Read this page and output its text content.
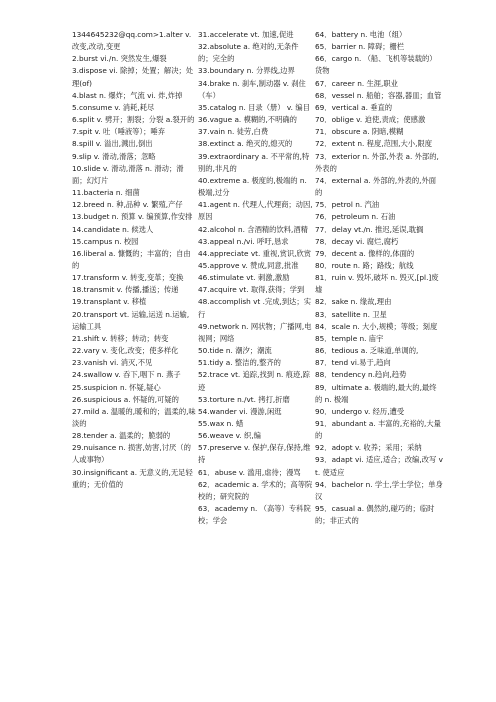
1344645232@qq.com>1.alter v. 改变,改动,变更
2.burst vi./n. 突然发生,爆裂
3.dispose vi. 除掉；处置；解决；处理(of)
4.blast n. 爆炸；气流 vi. 炸,炸掉
5.consume v. 消耗,耗尽
6.split v. 劈开；割裂；分裂 a.裂开的
7.spit v. 吐（唾液等）；唾弃
8.spill v. 溢出,溅出,倒出
9.slip v. 滑动,滑落；忽略
10.slide v. 滑动,滑落 n. 滑动；滑面；幻灯片
11.bacteria n. 细菌
12.breed n. 种,品种 v. 繁殖,产仔
13.budget n. 预算 v. 编预算,作安排
14.candidate n. 候选人
15.campus n. 校园
16.liberal a. 慷慨的；丰富的；自由的
17.transform v. 转变,变革；变换
18.transmit v. 传播,播送；传递
19.transplant v. 移植
20.transport vt. 运输,运送 n.运输,运输工具
21.shift v. 转移；转动；转变
22.vary v. 变化,改变；使多样化
23.vanish vi. 消灭,不见
24.swallow v. 吞下,咽下 n. 燕子
25.suspicion n. 怀疑,疑心
26.suspicious a. 怀疑的,可疑的
27.mild a. 温暖的,暖和的；温柔的,味淡的
28.tender a. 温柔的；脆弱的
29.nuisance n. 损害,妨害,讨厌（的人或事物）
30.insignificant a. 无意义的,无足轻重的；无价值的
31.accelerate vt. 加速,促进
32.absolute a. 绝对的,无条件的；完全的
33.boundary n. 分界线,边界
34.brake n. 刹车,制动器 v. 刹住（车）
35.catalog n. 目录（册） v. 编目
36.vague a. 模糊的,不明确的
37.vain n. 徒劳,白费
38.extinct a. 绝灭的,熄灭的
39.extraordinary a. 不平常的,特别的,非凡的
40.extreme a. 极度的,极端的 n. 极端,过分
41.agent n. 代理人,代理商；动因,原因
42.alcohol n. 含酒精的饮料,酒精
43.appeal n./vi. 呼吁,恳求
44.appreciate vt. 重视,赏识,欣赏
45.approve v. 赞成,同意,批准
46.stimulate vt. 刺激,激励
47.acquire vt. 取得,获得；学到
48.accomplish vt .完成,到达；实行
49.network n. 网状物；广播网,电视网；网络
50.tide n. 潮汐；潮流
51.tidy a. 整洁的,整齐的
52.trace vt. 追踪,找到 n. 痕迹,踪迹
53.torture n./vt. 拷打,折磨
54.wander vi. 漫游,闲逛
55.wax n. 蜡
56.weave v. 织,编
57.preserve v. 保护,保存,保持,维持
61．abuse v. 滥用,虐待；漫骂
62．academic a. 学术的；高等院校的；研究院的
63．academy n. （高等）专科院校；学会
64．battery n. 电池（组）
65．barrier n. 障碍；栅栏
66．cargo n. （船、飞机等装载的）货物
67．career n. 生涯,职业
68．vessel n. 船舶；容器,器皿；血管
69．vertical a. 垂直的
70．oblige v. 迫使,责成；使感激
71．obscure a. 阴暗,模糊
72．extent n. 程度,范围,大小,限度
73．exterior n. 外部,外表 a. 外部的,外表的
74．external a. 外部的,外表的,外面的
75．petrol n. 汽油
76．petroleum n. 石油
77．delay vt./n. 推迟,延误,耽搁
78．decay vi. 腐烂,腐朽
79．decent a. 像样的,体面的
80．route n. 路；路线；航线
81．ruin v. 毁坏,破坏 n. 毁灭,[pl.]废墟
82．sake n. 缘故,理由
83．satellite n. 卫星
84．scale n. 大小,规模；等级；刻度
85．temple n. 庙宇
86．tedious a. 乏味道,单调的,
87．tend vi.易于,趋向
88．tendency n.趋向,趋势
89．ultimate a. 极端的,最大的,最终的 n. 极端
90．undergo v. 经历,遭受
91．abundant a. 丰富的,充裕的,大量的
92．adopt v. 收养；采用；采纳
93．adapt vi. 适应,适合；改编,改写 vt. 使适应
94．bachelor n. 学士,学士学位；单身汉
95．casual a. 偶然的,碰巧的；临时的；非正式的
